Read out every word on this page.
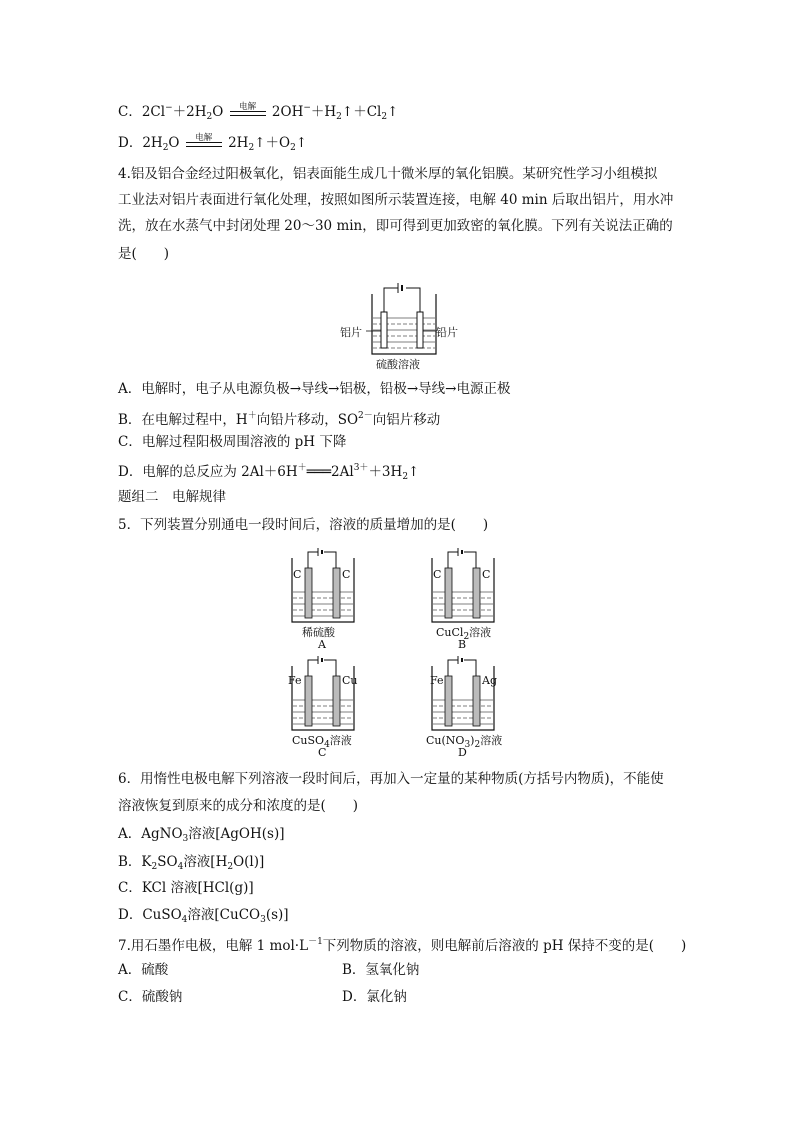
C．$2Cl^-+2H_2O$	电解	$2OH^-+H_2↑+Cl_2↑$
D．$2H_2O$	电解	$2H_2↑+O_2↑$
4.铝及铝合金经过阳极氧化，铝表面能生成几十微米厚的氧化铝膜。某研究性学习小组模拟
工业法对铝片表面进行氧化处理，按照如图所示装置连接，电解 40 min 后取出铝片，用水冲
洗，放在水蒸气中封闭处理 20～30 min，即可得到更加致密的氧化膜。下列有关说法正确的
是(　　)
铝片	铅片
硫酸溶液
A．电解时，电子从电源负极→导线→铝极，铅极→导线→电源正极
B．在电解过程中，H＋向铅片移动，$SO^{2-}$向铝片移动
C．电解过程阳极周围溶液的 pH 下降
D．电解的总反应为 $2Al+6H^+═══2Al^{3+}+3H_2↑$
题组二　电解规律
5．下列装置分别通电一段时间后，溶液的质量增加的是(　　)
C	C
稀硫酸
A
C	C
CuCl$_2$溶液
B
Fe	Cu
CuSO$_4$溶液
C
Fe	Ag
$Cu(NO_3)_2$溶液
D
6．用惰性电极电解下列溶液一段时间后，再加入一定量的某种物质(方括号内物质)，不能使
溶液恢复到原来的成分和浓度的是(　　)
A．AgNO$_3$溶液[AgOH(s)]
B．$K_2SO_4$溶液$[H_2O(l)]$
C．KCl 溶液[HCl(g)]
D．CuSO$_4$溶液[CuCO$_3$(s)]
7.用石墨作电极，电解 1 $mol\cdot L^{-1}$下列物质的溶液，则电解前后溶液的 pH 保持不变的是(　　)
A．硫酸	B．氢氧化钠
C．硫酸钠	D．氯化钠
